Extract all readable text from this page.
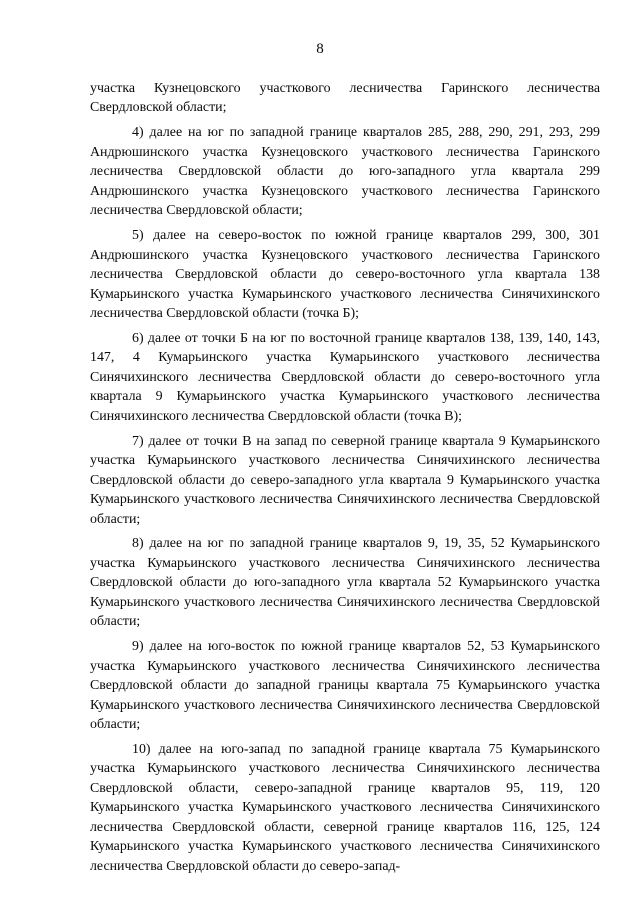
8

участка Кузнецовского участкового лесничества Гаринского лесничества Свердловской области;

4) далее на юг по западной границе кварталов 285, 288, 290, 291, 293, 299 Андрюшинского участка Кузнецовского участкового лесничества Гаринского лесничества Свердловской области до юго-западного угла квартала 299 Андрюшинского участка Кузнецовского участкового лесничества Гаринского лесничества Свердловской области;

5) далее на северо-восток по южной границе кварталов 299, 300, 301 Андрюшинского участка Кузнецовского участкового лесничества Гаринского лесничества Свердловской области до северо-восточного угла квартала 138 Кумарьинского участка Кумарьинского участкового лесничества Синячихинского лесничества Свердловской области (точка Б);

6) далее от точки Б на юг по восточной границе кварталов 138, 139, 140, 143, 147, 4 Кумарьинского участка Кумарьинского участкового лесничества Синячихинского лесничества Свердловской области до северо-восточного угла квартала 9 Кумарьинского участка Кумарьинского участкового лесничества Синячихинского лесничества Свердловской области (точка В);

7) далее от точки В на запад по северной границе квартала 9 Кумарьинского участка Кумарьинского участкового лесничества Синячихинского лесничества Свердловской области до северо-западного угла квартала 9 Кумарьинского участка Кумарьинского участкового лесничества Синячихинского лесничества Свердловской области;

8) далее на юг по западной границе кварталов 9, 19, 35, 52 Кумарьинского участка Кумарьинского участкового лесничества Синячихинского лесничества Свердловской области до юго-западного угла квартала 52 Кумарьинского участка Кумарьинского участкового лесничества Синячихинского лесничества Свердловской области;

9) далее на юго-восток по южной границе кварталов 52, 53 Кумарьинского участка Кумарьинского участкового лесничества Синячихинского лесничества Свердловской области до западной границы квартала 75 Кумарьинского участка Кумарьинского участкового лесничества Синячихинского лесничества Свердловской области;

10) далее на юго-запад по западной границе квартала 75 Кумарьинского участка Кумарьинского участкового лесничества Синячихинского лесничества Свердловской области, северо-западной границе кварталов 95, 119, 120 Кумарьинского участка Кумарьинского участкового лесничества Синячихинского лесничества Свердловской области, северной границе кварталов 116, 125, 124 Кумарьинского участка Кумарьинского участкового лесничества Синячихинского лесничества Свердловской области до северо-запад-
